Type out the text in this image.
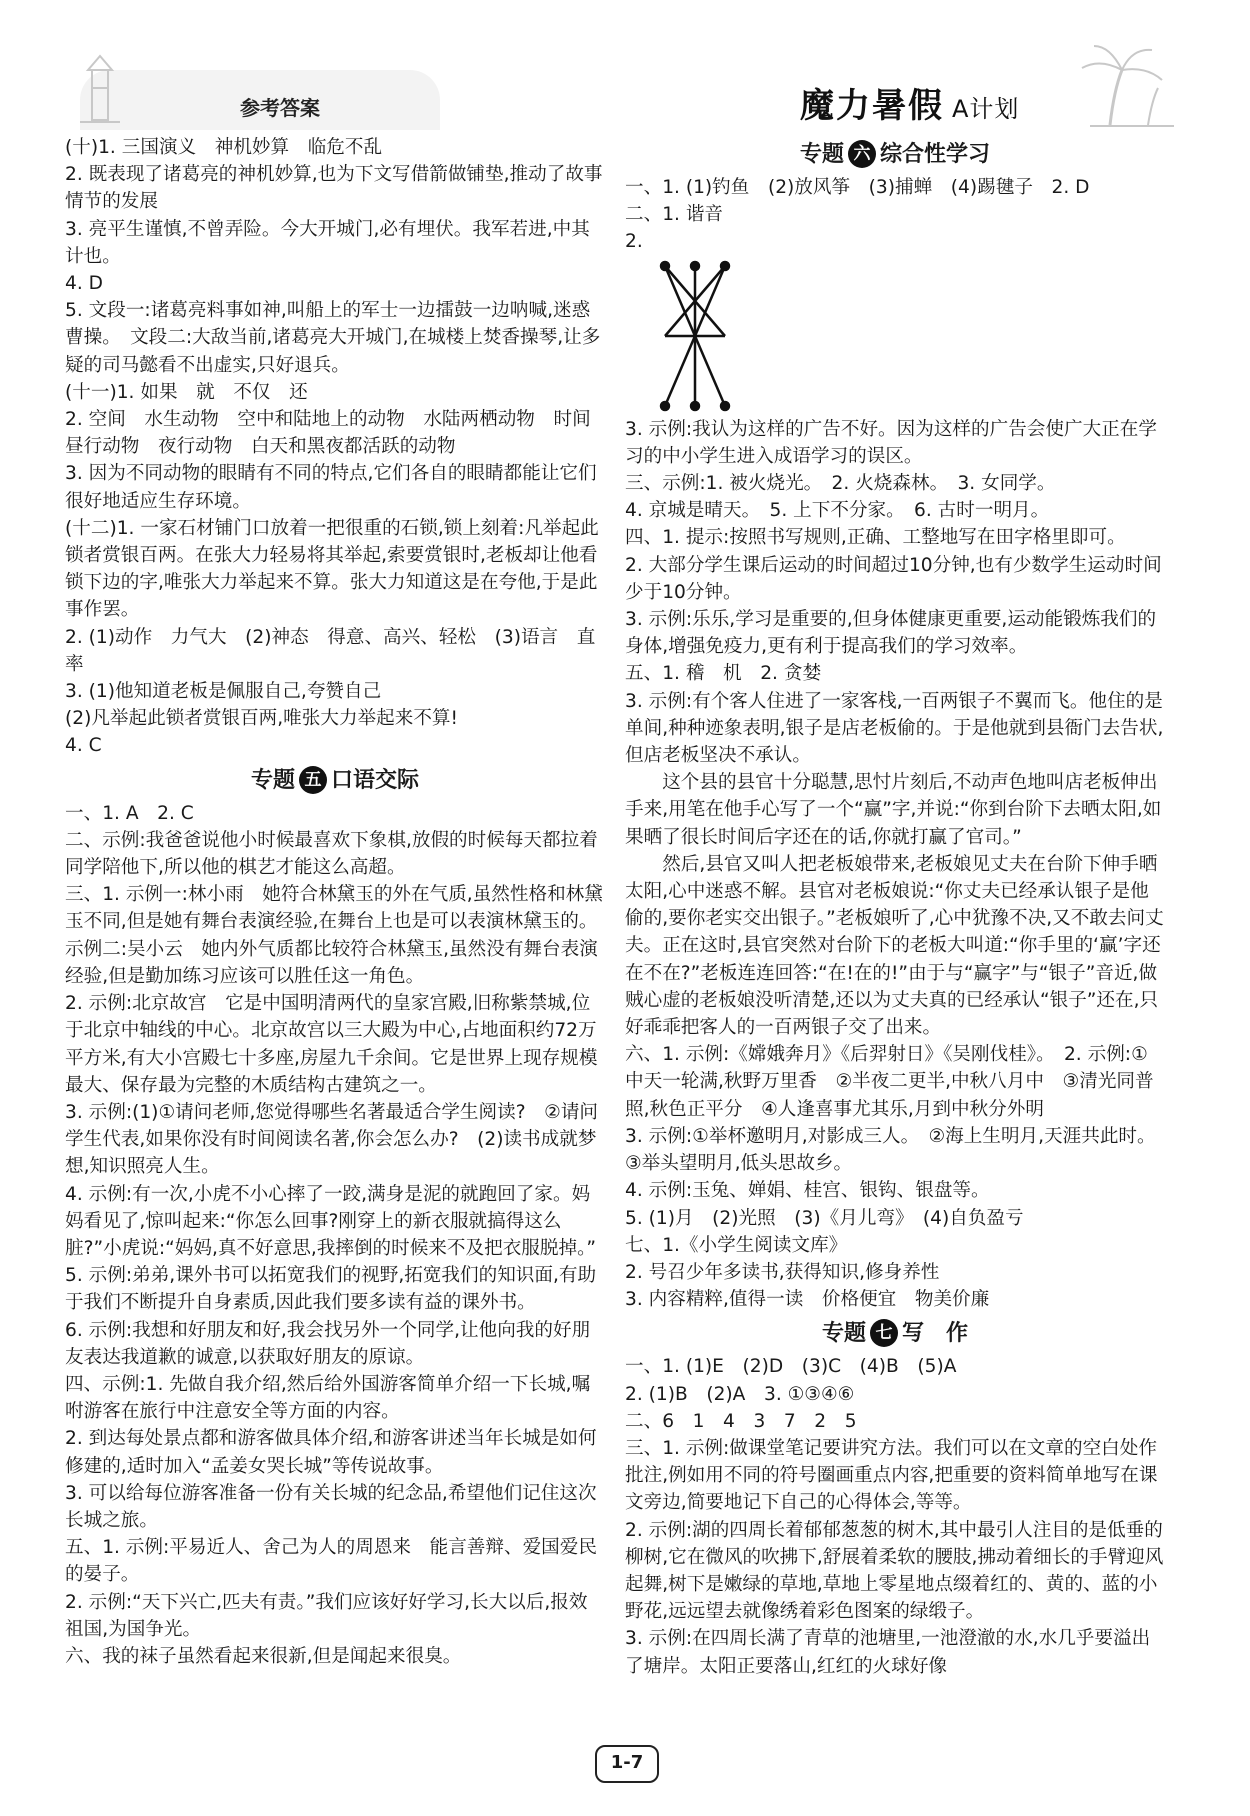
参考答案	魔力暑假 A计划

(十)1. 三国演义　神机妙算　临危不乱

2. 既表现了诸葛亮的神机妙算,也为下文写借箭做铺垫,推动了故事情节的发展

3. 亮平生谨慎,不曾弄险。今大开城门,必有埋伏。我军若进,中其计也。

4. D

5. 文段一:诸葛亮料事如神,叫船上的军士一边擂鼓一边呐喊,迷惑曹操。　文段二:大敌当前,诸葛亮大开城门,在城楼上焚香操琴,让多疑的司马懿看不出虚实,只好退兵。

(十一)1. 如果　就　不仅　还

2. 空间　水生动物　空中和陆地上的动物　水陆两栖动物　时间　昼行动物　夜行动物　白天和黑夜都活跃的动物

3. 因为不同动物的眼睛有不同的特点,它们各自的眼睛都能让它们很好地适应生存环境。

(十二)1. 一家石材铺门口放着一把很重的石锁,锁上刻着:凡举起此锁者赏银百两。在张大力轻易将其举起,索要赏银时,老板却让他看锁下边的字,唯张大力举起来不算。张大力知道这是在夸他,于是此事作罢。

2. (1)动作　力气大　(2)神态　得意、高兴、轻松　(3)语言　直率

3. (1)他知道老板是佩服自己,夸赞自己

(2)凡举起此锁者赏银百两,唯张大力举起来不算!

4. C

专题 五 口语交际

一、1. A　2. C

二、示例:我爸爸说他小时候最喜欢下象棋,放假的时候每天都拉着同学陪他下,所以他的棋艺才能这么高超。

三、1. 示例一:林小雨　她符合林黛玉的外在气质,虽然性格和林黛玉不同,但是她有舞台表演经验,在舞台上也是可以表演林黛玉的。　示例二:吴小云　她内外气质都比较符合林黛玉,虽然没有舞台表演经验,但是勤加练习应该可以胜任这一角色。

2. 示例:北京故宫　它是中国明清两代的皇家宫殿,旧称紫禁城,位于北京中轴线的中心。北京故宫以三大殿为中心,占地面积约72万平方米,有大小宫殿七十多座,房屋九千余间。它是世界上现存规模最大、保存最为完整的木质结构古建筑之一。

3. 示例:(1)①请问老师,您觉得哪些名著最适合学生阅读?　②请问学生代表,如果你没有时间阅读名著,你会怎么办?　(2)读书成就梦想,知识照亮人生。

4. 示例:有一次,小虎不小心摔了一跤,满身是泥的就跑回了家。妈妈看见了,惊叫起来:“你怎么回事?刚穿上的新衣服就搞得这么脏?”小虎说:“妈妈,真不好意思,我摔倒的时候来不及把衣服脱掉。”

5. 示例:弟弟,课外书可以拓宽我们的视野,拓宽我们的知识面,有助于我们不断提升自身素质,因此我们要多读有益的课外书。

6. 示例:我想和好朋友和好,我会找另外一个同学,让他向我的好朋友表达我道歉的诚意,以获取好朋友的原谅。

四、示例:1. 先做自我介绍,然后给外国游客简单介绍一下长城,嘱咐游客在旅行中注意安全等方面的内容。

2. 到达每处景点都和游客做具体介绍,和游客讲述当年长城是如何修建的,适时加入“孟姜女哭长城”等传说故事。

3. 可以给每位游客准备一份有关长城的纪念品,希望他们记住这次长城之旅。

五、1. 示例:平易近人、舍己为人的周恩来　能言善辩、爱国爱民的晏子。

2. 示例:“天下兴亡,匹夫有责。”我们应该好好学习,长大以后,报效祖国,为国争光。

六、我的袜子虽然看起来很新,但是闻起来很臭。

专题 六 综合性学习

一、1. (1)钓鱼　(2)放风筝　(3)捕蝉　(4)踢毽子　2. D

二、1. 谐音

2.

3. 示例:我认为这样的广告不好。因为这样的广告会使广大正在学习的中小学生进入成语学习的误区。

三、示例:1. 被火烧光。　2. 火烧森林。　3. 女同学。

4. 京城是晴天。　5. 上下不分家。　6. 古时一明月。

四、1. 提示:按照书写规则,正确、工整地写在田字格里即可。

2. 大部分学生课后运动的时间超过10分钟,也有少数学生运动时间少于10分钟。

3. 示例:乐乐,学习是重要的,但身体健康更重要,运动能锻炼我们的身体,增强免疫力,更有利于提高我们的学习效率。

五、1. 稽　机　2. 贪婪

3. 示例:有个客人住进了一家客栈,一百两银子不翼而飞。他住的是单间,种种迹象表明,银子是店老板偷的。于是他就到县衙门去告状,但店老板坚决不承认。

这个县的县官十分聪慧,思忖片刻后,不动声色地叫店老板伸出手来,用笔在他手心写了一个“赢”字,并说:“你到台阶下去晒太阳,如果晒了很长时间后字还在的话,你就打赢了官司。”

然后,县官又叫人把老板娘带来,老板娘见丈夫在台阶下伸手晒太阳,心中迷惑不解。县官对老板娘说:“你丈夫已经承认银子是他偷的,要你老实交出银子。”老板娘听了,心中犹豫不决,又不敢去问丈夫。正在这时,县官突然对台阶下的老板大叫道:“你手里的‘赢’字还在不在?”老板连连回答:“在!在的!”由于与“赢字”与“银子”音近,做贼心虚的老板娘没听清楚,还以为丈夫真的已经承认“银子”还在,只好乖乖把客人的一百两银子交了出来。

六、1. 示例:《嫦娥奔月》《后羿射日》《吴刚伐桂》。　2. 示例:①中天一轮满,秋野万里香　②半夜二更半,中秋八月中　③清光同普照,秋色正平分　④人逢喜事尤其乐,月到中秋分外明

3. 示例:①举杯邀明月,对影成三人。　②海上生明月,天涯共此时。　③举头望明月,低头思故乡。

4. 示例:玉兔、婵娟、桂宫、银钩、银盘等。

5. (1)月　(2)光照　(3)《月儿弯》　(4)自负盈亏

七、1.《小学生阅读文库》

2. 号召少年多读书,获得知识,修身养性

3. 内容精粹,值得一读　价格便宜　物美价廉

专题 七 写　作

一、1. (1)E　(2)D　(3)C　(4)B　(5)A

2. (1)B　(2)A　3. ①③④⑥

二、6　1　4　3　7　2　5

三、1. 示例:做课堂笔记要讲究方法。我们可以在文章的空白处作批注,例如用不同的符号圈画重点内容,把重要的资料简单地写在课文旁边,简要地记下自己的心得体会,等等。

2. 示例:湖的四周长着郁郁葱葱的树木,其中最引人注目的是低垂的柳树,它在微风的吹拂下,舒展着柔软的腰肢,拂动着细长的手臂迎风起舞,树下是嫩绿的草地,草地上零星地点缀着红的、黄的、蓝的小野花,远远望去就像绣着彩色图案的绿缎子。

3. 示例:在四周长满了青草的池塘里,一池澄澈的水,水几乎要溢出了塘岸。太阳正要落山,红红的火球好像

1-7
